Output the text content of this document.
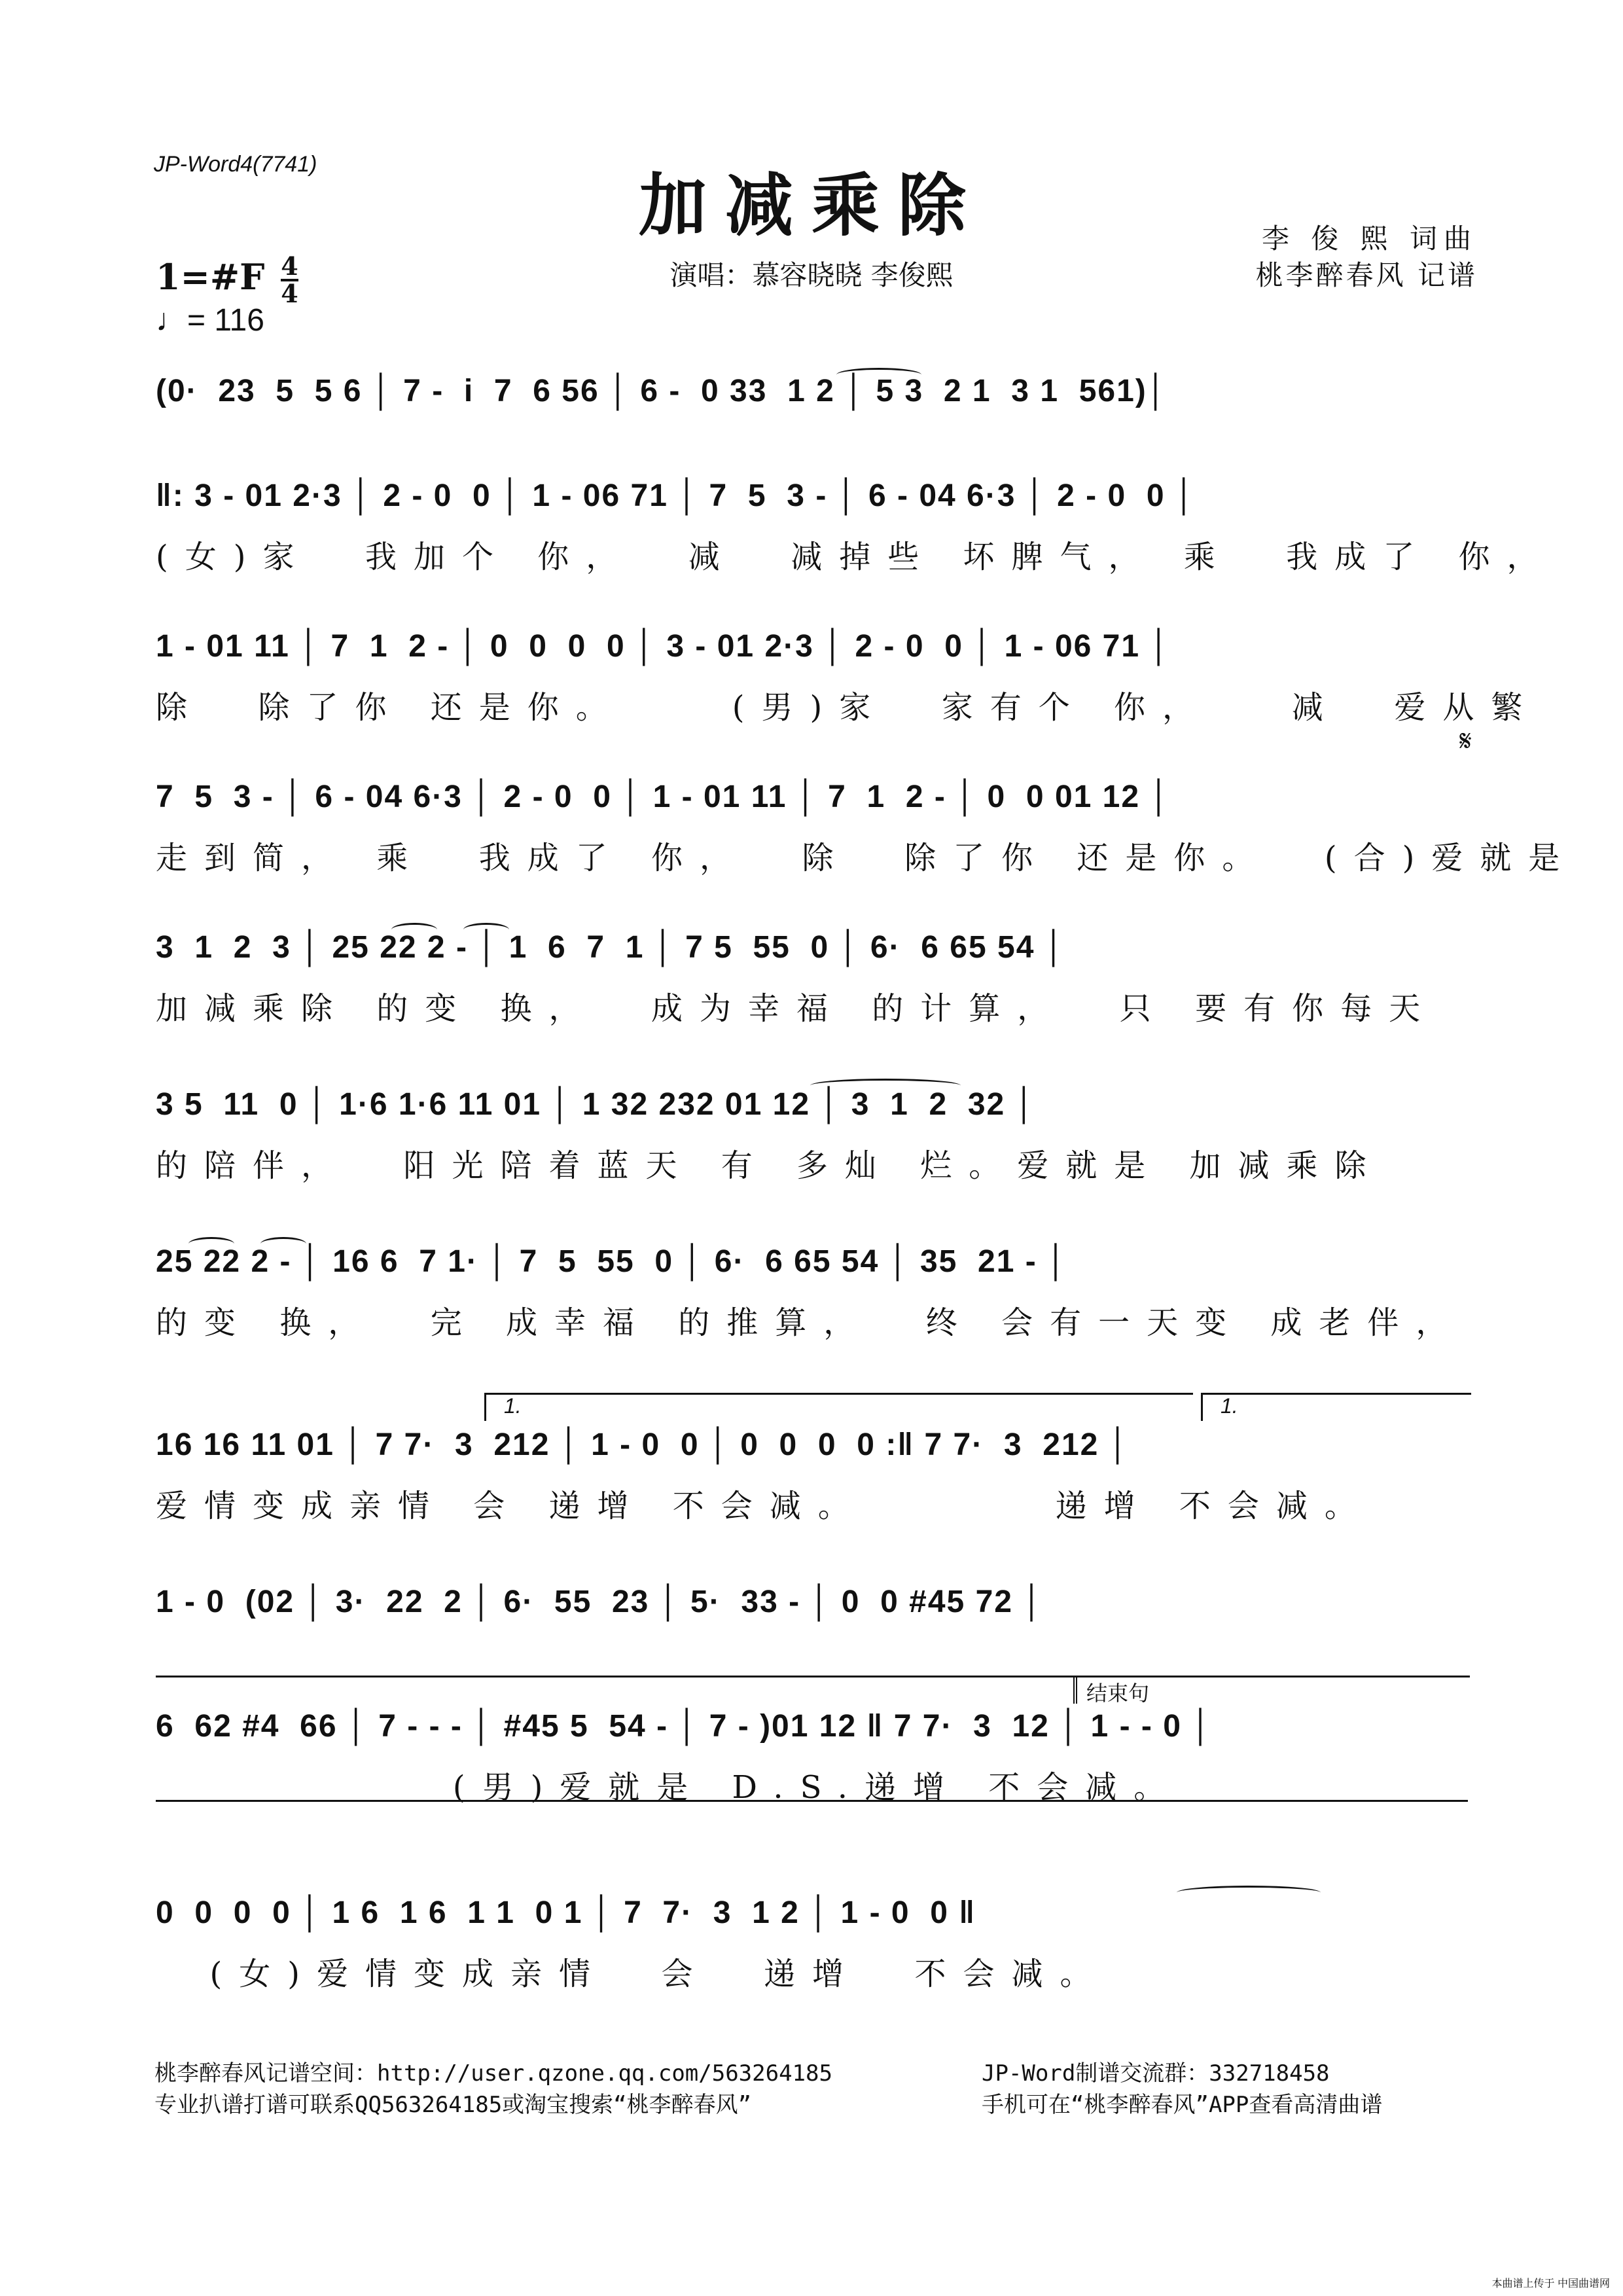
JP-Word4(7741)
加减乘除
演唱：慕容晓晓 李俊熙
李 俊 熙 词曲
桃李醉春风 记谱
1=#F $\frac{4}{4}$
♩= 116
(0·  23  5  5 6 │ 7 -  i  7  6 56 │ 6 -  0 33  1 2 │ 5 3  2 1  3 1  561)│
‖: 3 - 01 2·3 │ 2 - 0  0 │ 1 - 06 71 │ 7  5  3 - │ 6 - 04 6·3 │ 2 - 0  0 │
(女)家  我加个 你，  减  减掉些 坏脾气， 乘  我成了 你，
1 - 01 11 │ 7  1  2 - │ 0  0  0  0 │ 3 - 01 2·3 │ 2 - 0  0 │ 1 - 06 71 │
除  除了你 还是你。    (男)家  家有个 你，   减  爱从繁
𝄋
7  5  3 - │ 6 - 04 6·3 │ 2 - 0  0 │ 1 - 01 11 │ 7  1  2 - │ 0  0 01 12 │
走到简， 乘  我成了 你，  除  除了你 还是你。  (合)爱就是
3  1  2  3 │ 25 22 2 - │ 1  6  7  1 │ 7 5  55  0 │ 6·  6 65 54 │
加减乘除 的变 换，  成为幸福 的计算，  只 要有你每天
3 5  11  0 │ 1·6 1·6 11 01 │ 1 32 232 01 12 │ 3  1  2  32 │
的陪伴，  阳光陪着蓝天 有 多灿 烂。爱就是 加减乘除
25 22 2 - │ 16 6  7 1· │ 7  5  55  0 │ 6·  6 65 54 │ 35  21 - │
的变 换，  完 成幸福 的推算，  终 会有一天变 成老伴，
1.	1.
16 16 11 01 │ 7 7·  3  212 │ 1 - 0  0 │ 0  0  0  0 :‖ 7 7·  3  212 │
爱情变成亲情 会 递增 不会减。       递增 不会减。
1 - 0  (02 │ 3·  22  2 │ 6·  55  23 │ 5·  33 - │ 0  0 #45 72 │
结束句
6  62 #4  66 │ 7 - - - │ #45 5  54 - │ 7 - )01 12 ‖ 7 7·  3  12 │ 1 - - 0 │
(男)爱就是 D.S.递增 不会减。
0  0  0  0 │ 1 6  1 6  1 1  0 1 │ 7  7·  3  1 2 │ 1 - 0  0 ‖
(女)爱情变成亲情  会  递增  不会减。
桃李醉春风记谱空间：http://user.qzone.qq.com/563264185
专业扒谱打谱可联系QQ563264185或淘宝搜索“桃李醉春风”
JP-Word制谱交流群：332718458
手机可在“桃李醉春风”APP查看高清曲谱
本曲谱上传于 中国曲谱网
